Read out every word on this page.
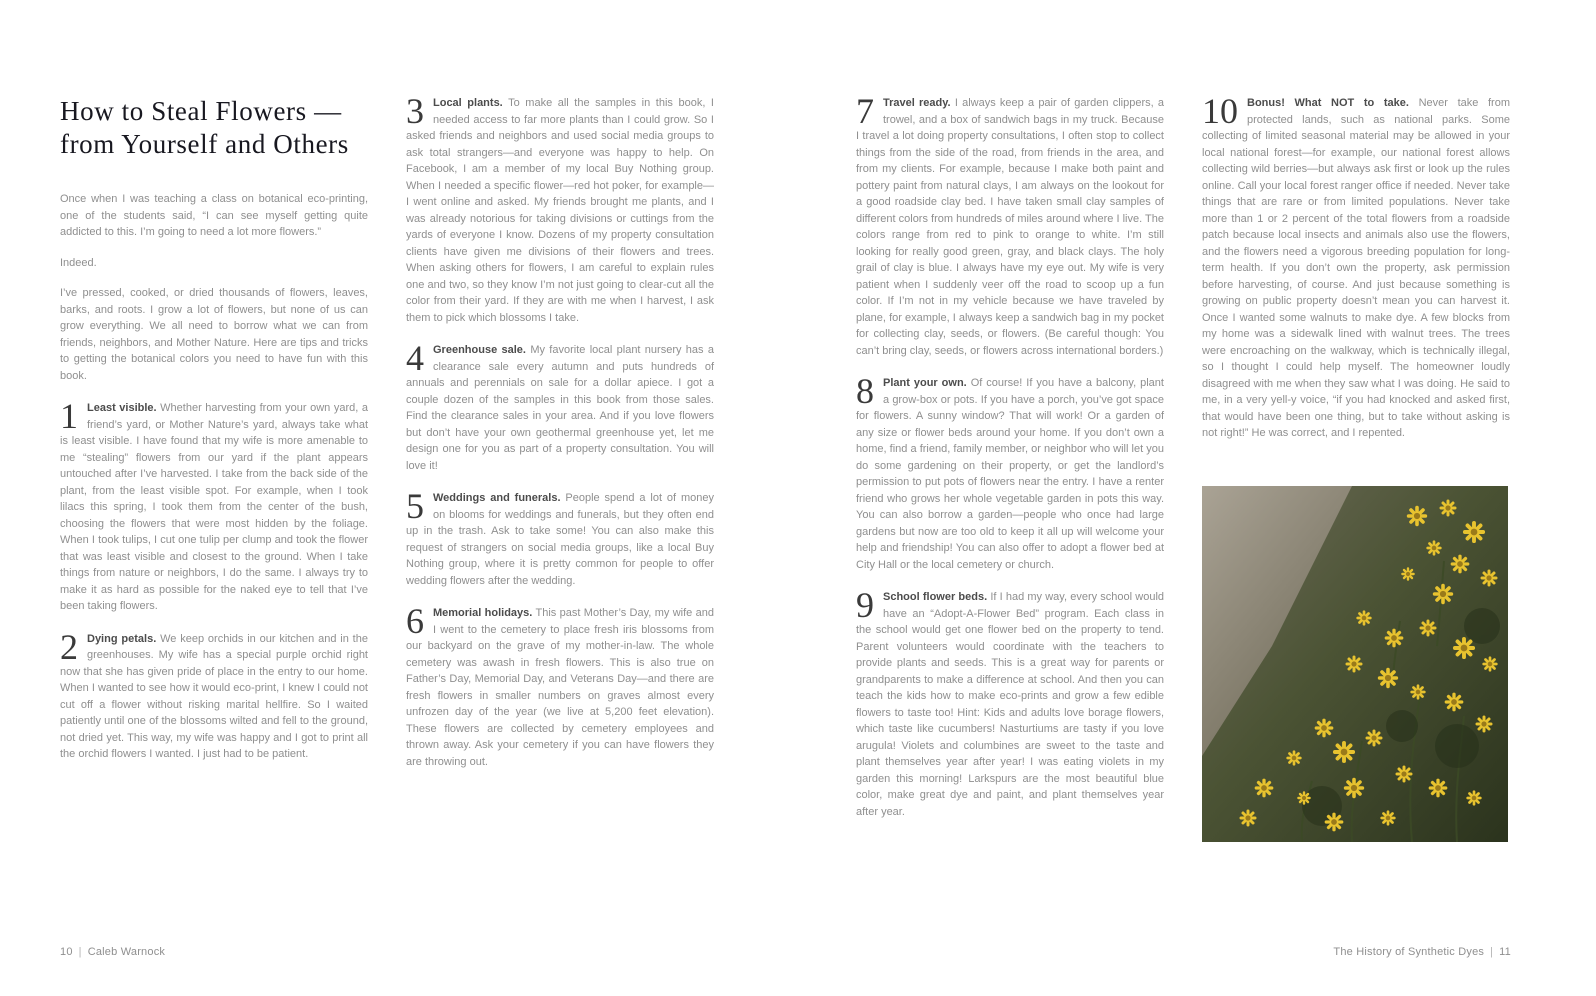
How to Steal Flowers —
from Yourself and Others

Once when I was teaching a class on botanical eco-printing, one of the students said, “I can see myself getting quite addicted to this. I’m going to need a lot more flowers.”

Indeed.

I’ve pressed, cooked, or dried thousands of flowers, leaves, barks, and roots. I grow a lot of flowers, but none of us can grow everything. We all need to borrow what we can from friends, neighbors, and Mother Nature. Here are tips and tricks to getting the botanical colors you need to have fun with this book.

1 Least visible. Whether harvesting from your own yard, a friend’s yard, or Mother Nature’s yard, always take what is least visible. I have found that my wife is more amenable to me “stealing” flowers from our yard if the plant appears untouched after I’ve harvested. I take from the back side of the plant, from the least visible spot. For example, when I took lilacs this spring, I took them from the center of the bush, choosing the flowers that were most hidden by the foliage. When I took tulips, I cut one tulip per clump and took the flower that was least visible and closest to the ground. When I take things from nature or neighbors, I do the same. I always try to make it as hard as possible for the naked eye to tell that I’ve been taking flowers.

2 Dying petals. We keep orchids in our kitchen and in the greenhouses. My wife has a special purple orchid right now that she has given pride of place in the entry to our home. When I wanted to see how it would eco-print, I knew I could not cut off a flower without risking marital hellfire. So I waited patiently until one of the blossoms wilted and fell to the ground, not dried yet. This way, my wife was happy and I got to print all the orchid flowers I wanted. I just had to be patient.

3 Local plants. To make all the samples in this book, I needed access to far more plants than I could grow. So I asked friends and neighbors and used social media groups to ask total strangers—and everyone was happy to help. On Facebook, I am a member of my local Buy Nothing group. When I needed a specific flower—red hot poker, for example—I went online and asked. My friends brought me plants, and I was already notorious for taking divisions or cuttings from the yards of everyone I know. Dozens of my property consultation clients have given me divisions of their flowers and trees. When asking others for flowers, I am careful to explain rules one and two, so they know I’m not just going to clear-cut all the color from their yard. If they are with me when I harvest, I ask them to pick which blossoms I take.

4 Greenhouse sale. My favorite local plant nursery has a clearance sale every autumn and puts hundreds of annuals and perennials on sale for a dollar apiece. I got a couple dozen of the samples in this book from those sales. Find the clearance sales in your area. And if you love flowers but don’t have your own geothermal greenhouse yet, let me design one for you as part of a property consultation. You will love it!

5 Weddings and funerals. People spend a lot of money on blooms for weddings and funerals, but they often end up in the trash. Ask to take some! You can also make this request of strangers on social media groups, like a local Buy Nothing group, where it is pretty common for people to offer wedding flowers after the wedding.

6 Memorial holidays. This past Mother’s Day, my wife and I went to the cemetery to place fresh iris blossoms from our backyard on the grave of my mother-in-law. The whole cemetery was awash in fresh flowers. This is also true on Father’s Day, Memorial Day, and Veterans Day—and there are fresh flowers in smaller numbers on graves almost every unfrozen day of the year (we live at 5,200 feet elevation). These flowers are collected by cemetery employees and thrown away. Ask your cemetery if you can have flowers they are throwing out.

10 | Caleb Warnock

7 Travel ready. I always keep a pair of garden clippers, a trowel, and a box of sandwich bags in my truck. Because I travel a lot doing property consultations, I often stop to collect things from the side of the road, from friends in the area, and from my clients. For example, because I make both paint and pottery paint from natural clays, I am always on the lookout for a good roadside clay bed. I have taken small clay samples of different colors from hundreds of miles around where I live. The colors range from red to pink to orange to white. I’m still looking for really good green, gray, and black clays. The holy grail of clay is blue. I always have my eye out. My wife is very patient when I suddenly veer off the road to scoop up a fun color. If I’m not in my vehicle because we have traveled by plane, for example, I always keep a sandwich bag in my pocket for collecting clay, seeds, or flowers. (Be careful though: You can’t bring clay, seeds, or flowers across international borders.)

8 Plant your own. Of course! If you have a balcony, plant a grow-box or pots. If you have a porch, you’ve got space for flowers. A sunny window? That will work! Or a garden of any size or flower beds around your home. If you don’t own a home, find a friend, family member, or neighbor who will let you do some gardening on their property, or get the landlord’s permission to put pots of flowers near the entry. I have a renter friend who grows her whole vegetable garden in pots this way. You can also borrow a garden—people who once had large gardens but now are too old to keep it all up will welcome your help and friendship! You can also offer to adopt a flower bed at City Hall or the local cemetery or church.

9 School flower beds. If I had my way, every school would have an “Adopt-A-Flower Bed” program. Each class in the school would get one flower bed on the property to tend. Parent volunteers would coordinate with the teachers to provide plants and seeds. This is a great way for parents or grandparents to make a difference at school. And then you can teach the kids how to make eco-prints and grow a few edible flowers to taste too! Hint: Kids and adults love borage flowers, which taste like cucumbers! Nasturtiums are tasty if you love arugula! Violets and columbines are sweet to the taste and plant themselves year after year! I was eating violets in my garden this morning! Larkspurs are the most beautiful blue color, make great dye and paint, and plant themselves year after year.

10 Bonus! What NOT to take. Never take from protected lands, such as national parks. Some collecting of limited seasonal material may be allowed in your local national forest—for example, our national forest allows collecting wild berries—but always ask first or look up the rules online. Call your local forest ranger office if needed. Never take things that are rare or from limited populations. Never take more than 1 or 2 percent of the total flowers from a roadside patch because local insects and animals also use the flowers, and the flowers need a vigorous breeding population for long-term health. If you don’t own the property, ask permission before harvesting, of course. And just because something is growing on public property doesn’t mean you can harvest it. Once I wanted some walnuts to make dye. A few blocks from my home was a sidewalk lined with walnut trees. The trees were encroaching on the walkway, which is technically illegal, so I thought I could help myself. The homeowner loudly disagreed with me when they saw what I was doing. He said to me, in a very yell-y voice, “if you had knocked and asked first, that would have been one thing, but to take without asking is not right!” He was correct, and I repented.

The History of Synthetic Dyes | 11
